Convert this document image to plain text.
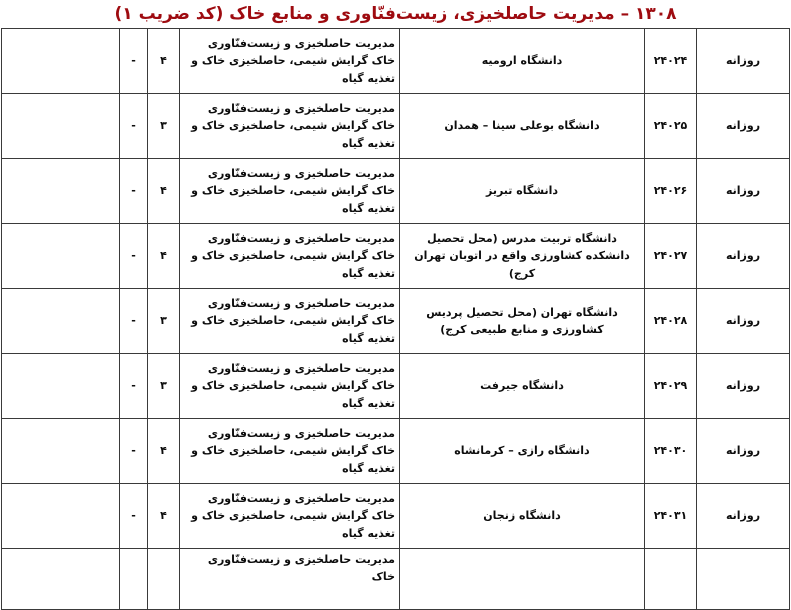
۱۳۰۸ – مدیریت حاصلخیزی، زیست‌فنّاوری و منابع خاک (کد ضریب ۱)
روزانه	۲۴۰۲۴	دانشگاه ارومیه	مدیریت حاصلخیزی و زیست‌فنّاوری خاک گرایش شیمی، حاصلخیزی خاک و تغذیه گیاه	۴	-	
روزانه	۲۴۰۲۵	دانشگاه بوعلی سینا – همدان	مدیریت حاصلخیزی و زیست‌فنّاوری خاک گرایش شیمی، حاصلخیزی خاک و تغذیه گیاه	۳	-	
روزانه	۲۴۰۲۶	دانشگاه تبریز	مدیریت حاصلخیزی و زیست‌فنّاوری خاک گرایش شیمی، حاصلخیزی خاک و تغذیه گیاه	۴	-	
روزانه	۲۴۰۲۷	دانشگاه تربیت مدرس (محل تحصیل دانشکده کشاورزی واقع در اتوبان تهران کرج)	مدیریت حاصلخیزی و زیست‌فنّاوری خاک گرایش شیمی، حاصلخیزی خاک و تغذیه گیاه	۴	-	
روزانه	۲۴۰۲۸	دانشگاه تهران (محل تحصیل پردیس کشاورزی و منابع طبیعی کرج)	مدیریت حاصلخیزی و زیست‌فنّاوری خاک گرایش شیمی، حاصلخیزی خاک و تغذیه گیاه	۳	-	
روزانه	۲۴۰۲۹	دانشگاه جیرفت	مدیریت حاصلخیزی و زیست‌فنّاوری خاک گرایش شیمی، حاصلخیزی خاک و تغذیه گیاه	۳	-	
روزانه	۲۴۰۳۰	دانشگاه رازی – کرمانشاه	مدیریت حاصلخیزی و زیست‌فنّاوری خاک گرایش شیمی، حاصلخیزی خاک و تغذیه گیاه	۴	-	
روزانه	۲۴۰۳۱	دانشگاه زنجان	مدیریت حاصلخیزی و زیست‌فنّاوری خاک گرایش شیمی، حاصلخیزی خاک و تغذیه گیاه	۴	-	
			مدیریت حاصلخیزی و زیست‌فنّاوری خاک			
